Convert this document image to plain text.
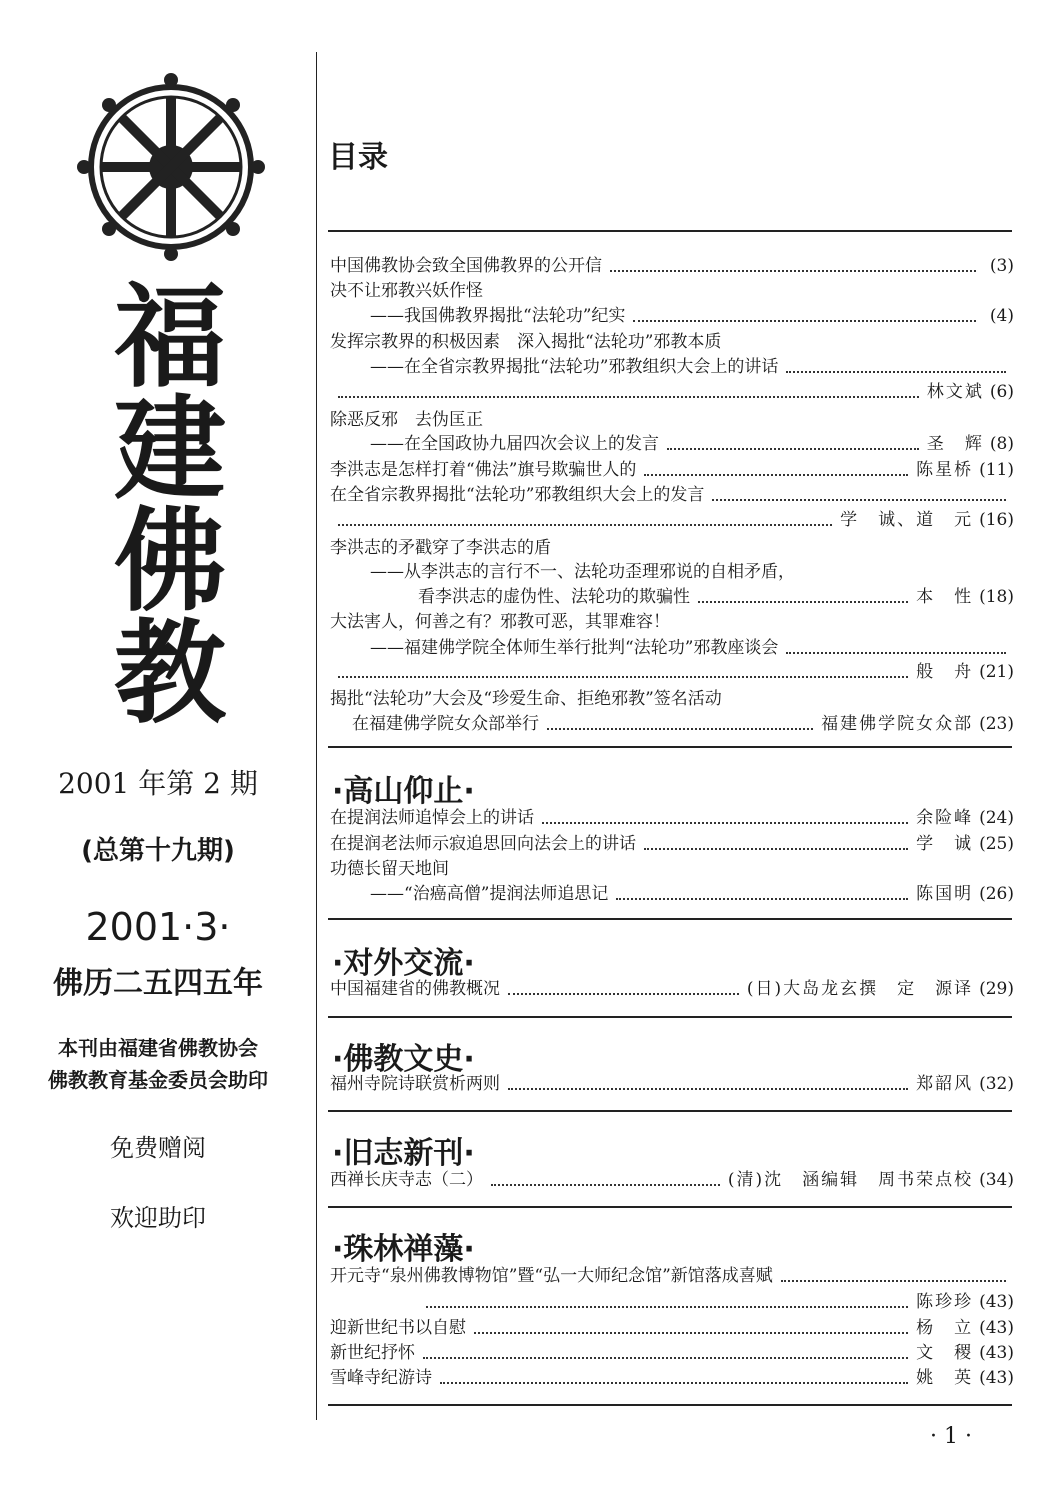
福
建
佛
教
2001 年第 2 期
(总第十九期)
2001·3·
佛历二五四五年
本刊由福建省佛教协会
佛教教育基金委员会助印
免费赠阅
欢迎助印
目录
中国佛教协会致全国佛教界的公开信	(3)
决不让邪教兴妖作怪
——我国佛教界揭批“法轮功”纪实	(4)
发挥宗教界的积极因素　深入揭批“法轮功”邪教本质
——在全省宗教界揭批“法轮功”邪教组织大会上的讲话
林文斌 (6)
除恶反邪　去伪匡正
——在全国政协九届四次会议上的发言	圣　辉 (8)
李洪志是怎样打着“佛法”旗号欺骗世人的	陈星桥 (11)
在全省宗教界揭批“法轮功”邪教组织大会上的发言
学　诚、道　元 (16)
李洪志的矛戳穿了李洪志的盾
——从李洪志的言行不一、法轮功歪理邪说的自相矛盾，
看李洪志的虚伪性、法轮功的欺骗性	本　性 (18)
大法害人，何善之有？邪教可恶，其罪难容！
——福建佛学院全体师生举行批判“法轮功”邪教座谈会
般　舟 (21)
揭批“法轮功”大会及“珍爱生命、拒绝邪教”签名活动
在福建佛学院女众部举行	福建佛学院女众部 (23)
·高山仰止·
在提润法师追悼会上的讲话	余险峰 (24)
在提润老法师示寂追思回向法会上的讲话	学　诚 (25)
功德长留天地间
——“治癌高僧”提润法师追思记	陈国明 (26)
·对外交流·
中国福建省的佛教概况	(日)大岛龙玄撰　定　源译 (29)
·佛教文史·
福州寺院诗联赏析两则	郑韶风 (32)
·旧志新刊·
西禅长庆寺志（二）	(清)沈　涵编辑　周书荣点校 (34)
·珠林禅藻·
开元寺“泉州佛教博物馆”暨“弘一大师纪念馆”新馆落成喜赋
陈珍珍 (43)
迎新世纪书以自慰	杨　立 (43)
新世纪抒怀	文　稷 (43)
雪峰寺纪游诗	姚　英 (43)
· 1 ·
